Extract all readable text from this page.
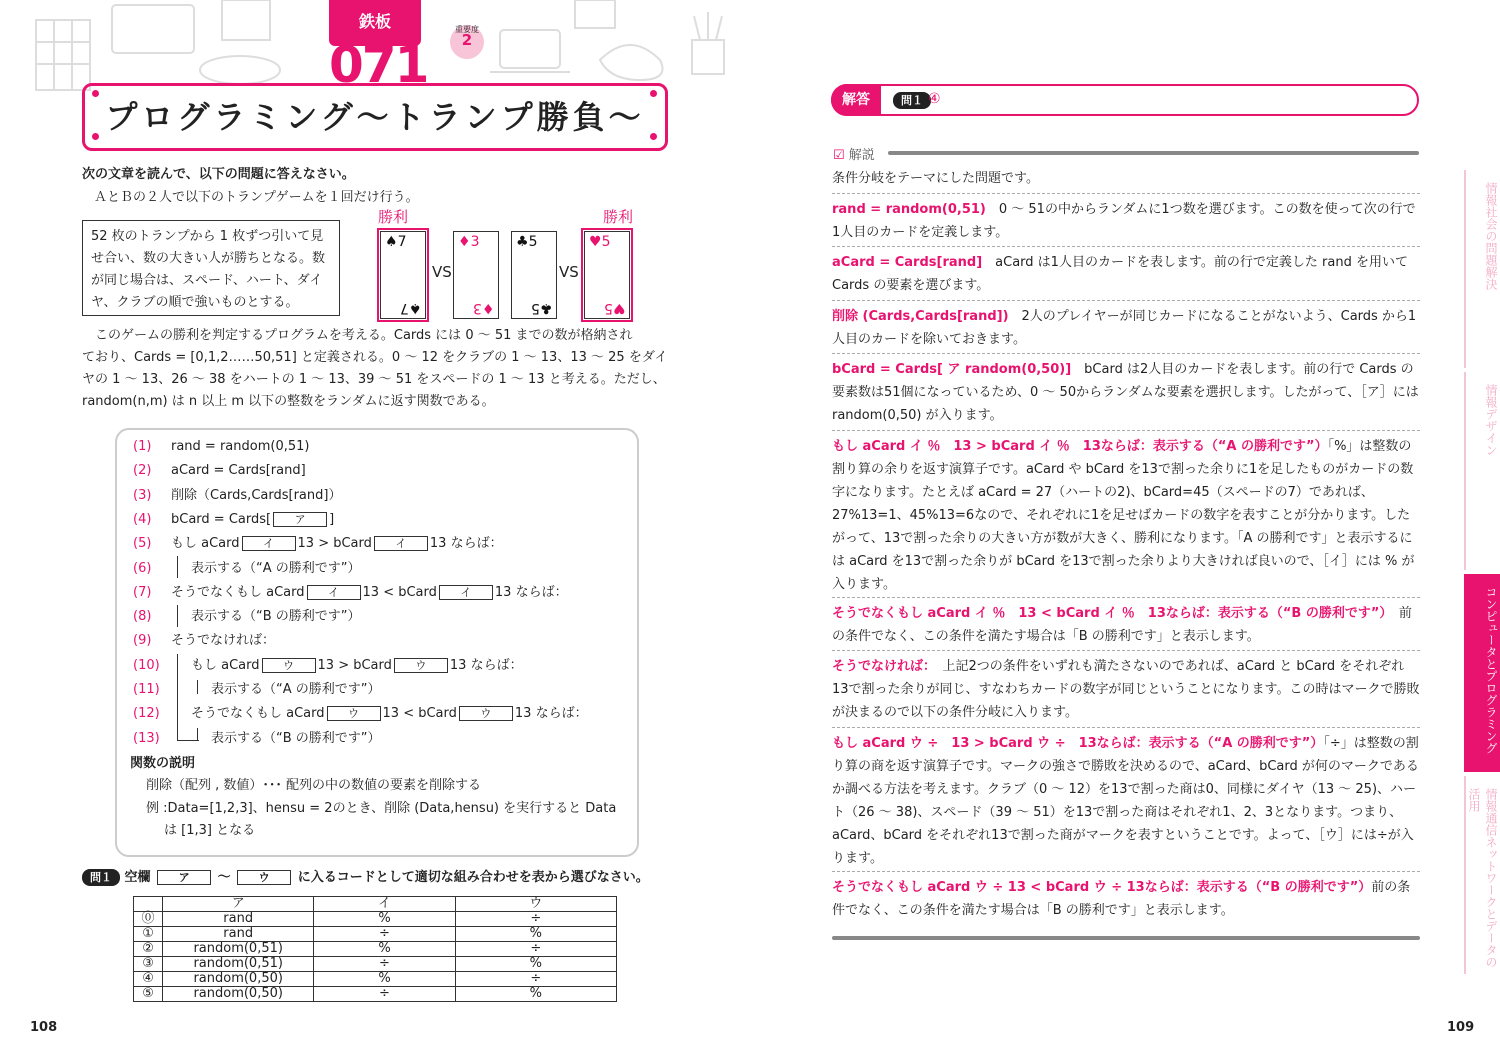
鉄板
071
重要度
2
プログラミング～トランプ勝負～
次の文章を読んで、以下の問題に答えなさい。
ＡとＢの２人で以下のトランプゲームを１回だけ行う。
52 枚のトランプから 1 枚ずつ引いて見せ合い、数の大きい人が勝ちとなる。数が同じ場合は、スペード、ハート、ダイヤ、クラブの順で強いものとする。
勝利	勝利
♠7
♠7
VS
♦3
♦3
♣5
♣5
VS
♥5
♥5
　このゲームの勝利を判定するプログラムを考える。Cards には 0 ～ 51 までの数が格納され
ており、Cards = [0,1,2……50,51] と定義される。0 ～ 12 をクラブの 1 ～ 13、13 ～ 25 をダイ
ヤの 1 ～ 13、26 ～ 38 をハートの 1 ～ 13、39 ～ 51 をスペードの 1 ～ 13 と考える。ただし、
random(n,m) は n 以上 m 以下の整数をランダムに返す関数である。
(1) rand = random(0,51)
(2) aCard = Cards[rand]
(3) 削除（Cards,Cards[rand]）
(4) bCard = Cards[ ア ]
(5) もし aCard イ 13 > bCard イ 13 ならば：
(6)	表示する（“A の勝利です”）
(7) そうでなくもし aCard イ 13 < bCard イ 13 ならば：
(8)	表示する（“B の勝利です”）
(9) そうでなければ：
(10) もし aCard ウ 13 > bCard ウ 13 ならば：
(11)	表示する（“A の勝利です”）
(12) そうでなくもし aCard ウ 13 < bCard ウ 13 ならば：
(13)	表示する（“B の勝利です”）
関数の説明
削除（配列 , 数値）･･･ 配列の中の数値の要素を削除する
例 :Data=[1,2,3]、hensu = 2のとき、削除 (Data,hensu) を実行すると Data
は [1,3] となる
問１ 空欄	ア ～	ウ に入るコードとして適切な組み合わせを表から選びなさい。
	ア	イ	ウ
⓪	rand	%	÷
①	rand	÷	%
②	random(0,51)	%	÷
③	random(0,51)	÷	%
④	random(0,50)	%	÷
⑤	random(0,50)	÷	%
108	109
解答	問１ ④
☑ 解説
条件分岐をテーマにした問題です。
rand = random(0,51)　0 ～ 51の中からランダムに1つ数を選びます。この数を使って次の行で1人目のカードを定義します。
aCard = Cards[rand]　aCard は1人目のカードを表します。前の行で定義した rand を用いて Cards の要素を選びます。
削除 (Cards,Cards[rand])　2人のプレイヤーが同じカードになることがないよう、Cards から1人目のカードを除いておきます。
bCard = Cards[ ア random(0,50)]　bCard は2人目のカードを表します。前の行で Cards の要素数は51個になっているため、0 ～ 50からランダムな要素を選択します。したがって、［ア］には random(0,50) が入ります。
もし aCard イ ％　13 > bCard イ ％　13ならば：表示する（“A の勝利です”）「%」は整数の割り算の余りを返す演算子です。aCard や bCard を13で割った余りに1を足したものがカードの数字になります。たとえば aCard = 27（ハートの2)、bCard=45（スペードの7）であれば、27%13=1、45%13=6なので、それぞれに1を足せばカードの数字を表すことが分かります。したがって、13で割った余りの大きい方が数が大きく、勝利になります。「A の勝利です」と表示するには aCard を13で割った余りが bCard を13で割った余りより大きければ良いので、［イ］には % が入ります。
そうでなくもし aCard イ ％　13 < bCard イ ％　13ならば：表示する（“B の勝利です”）　前の条件でなく、この条件を満たす場合は「B の勝利です」と表示します。
そうでなければ：　上記2つの条件をいずれも満たさないのであれば、aCard と bCard をそれぞれ13で割った余りが同じ、すなわちカードの数字が同じということになります。この時はマークで勝敗が決まるので以下の条件分岐に入ります。
もし aCard ウ ÷　13 > bCard ウ ÷　13ならば：表示する（“A の勝利です”）「÷」は整数の割り算の商を返す演算子です。マークの強さで勝敗を決めるので、aCard、bCard が何のマークであるか調べる方法を考えます。クラブ（0 ～ 12）を13で割った商は0、同様にダイヤ（13 ～ 25)、ハート（26 ～ 38)、スペード（39 ～ 51）を13で割った商はそれぞれ1、2、3となります。つまり、aCard、bCard をそれぞれ13で割った商がマークを表すということです。よって、［ウ］には÷が入ります。
そうでなくもし aCard ウ ÷ 13 < bCard ウ ÷ 13ならば：表示する（“B の勝利です”）前の条件でなく、この条件を満たす場合は「B の勝利です」と表示します。
情報社会の問題解決
情報デザイン
コンピュータとプログラミング
情報通信ネットワークとデータの活用
